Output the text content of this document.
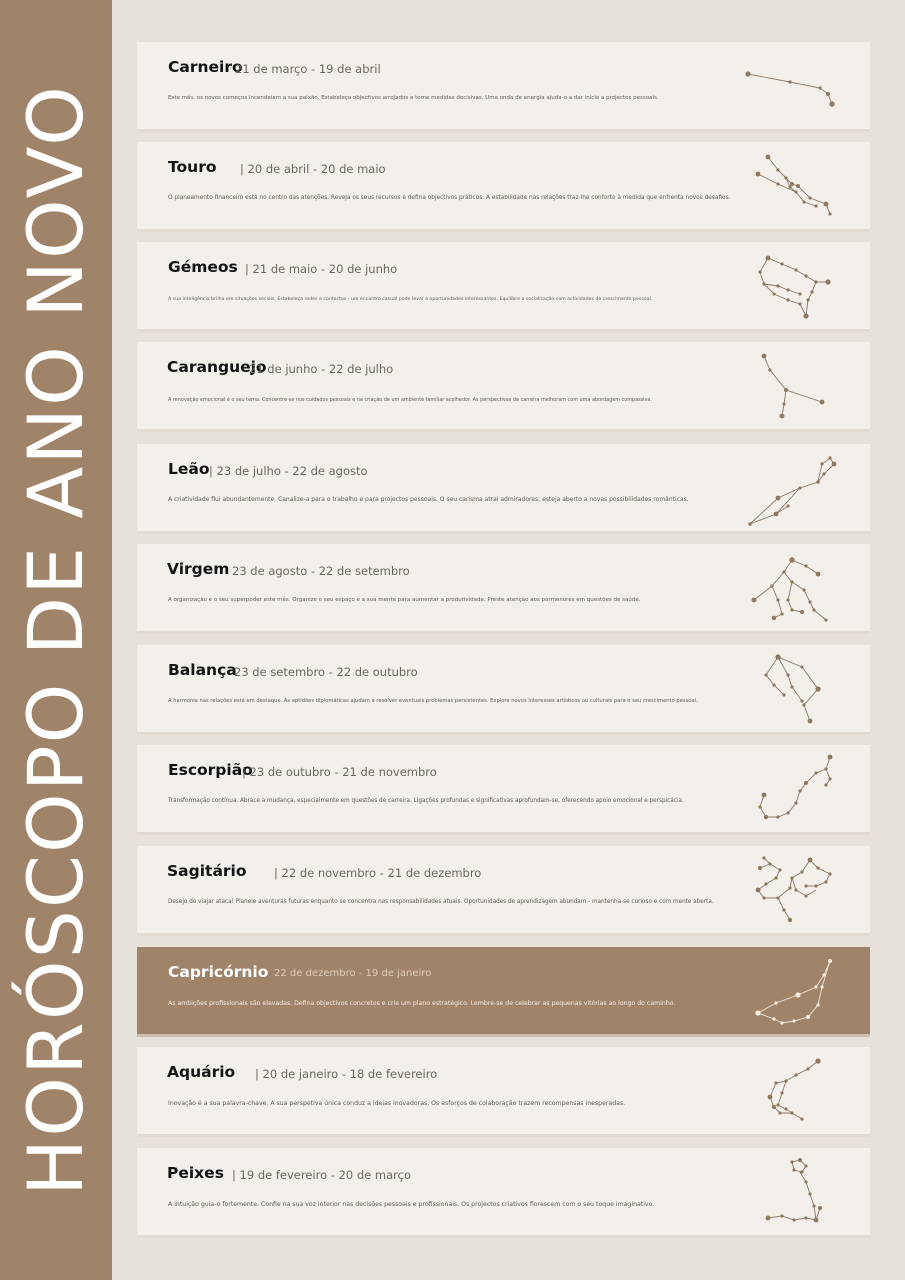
HORÓSCOPO DE ANO NOVO
Carneiro
21 de março - 19 de abril
Este mês, os novos começos incendeiam a sua paixão. Estabeleça objectivos arrojados e tome medidas decisivas. Uma onda de energia ajuda-o a dar início a projectos pessoais.
Touro | 20 de abril - 20 de maio
O planeamento financeiro está no centro das atenções. Reveja os seus recursos e defina objectivos práticos. A estabilidade nas relações traz-lhe conforto à medida que enfrenta novos desafios.
Gémeos | 21 de maio - 20 de junho
A sua inteligência brilha em situações sociais. Estabeleça redes e contactos - um encontro casual pode levar a oportunidades interessantes. Equilibre a socialização com actividades de crescimento pessoal.
Caranguejo
21 de junho - 22 de julho
A renovação emocional é o seu tema. Concentre-se nos cuidados pessoais e na criação de um ambiente familiar acolhedor. As perspectivas de carreira melhoram com uma abordagem compassiva.
Leão | 23 de julho - 22 de agosto
A criatividade flui abundantemente. Canalize-a para o trabalho e para projectos pessoais. O seu carisma atrai admiradores; esteja aberto a novas possibilidades românticas.
Virgem 23 de agosto - 22 de setembro
A organização é o seu superpoder este mês. Organize o seu espaço e a sua mente para aumentar a produtividade. Preste atenção aos pormenores em questões de saúde.
Balança
23 de setembro - 22 de outubro
A harmonia nas relações está em destaque. As aptidões diplomáticas ajudam a resolver eventuais problemas persistentes. Explore novos interesses artísticos ou culturais para o seu crescimento pessoal.
Escorpião
| 23 de outubro - 21 de novembro
Transformação contínua. Abrace a mudança, especialmente em questões de carreira. Ligações profundas e significativas aprofundam-se, oferecendo apoio emocional e perspicácia.
Sagitário | 22 de novembro - 21 de dezembro
Desejo de viajar ataca! Planeie aventuras futuras enquanto se concentra nas responsabilidades atuais. Oportunidades de aprendizagem abundam - mantenha-se curioso e com mente aberta.
Capricórnio 22 de dezembro - 19 de janeiro
As ambições profissionais são elevadas. Defina objectivos concretos e crie um plano estratégico. Lembre-se de celebrar as pequenas vitórias ao longo do caminho.
Aquário | 20 de janeiro - 18 de fevereiro
Inovação é a sua palavra-chave. A sua perspetiva única conduz a ideias inovadoras. Os esforços de colaboração trazem recompensas inesperadas.
Peixes | 19 de fevereiro - 20 de março
A intuição guia-o fortemente. Confie na sua voz interior nas decisões pessoais e profissionais. Os projectos criativos florescem com o seu toque imaginativo.
